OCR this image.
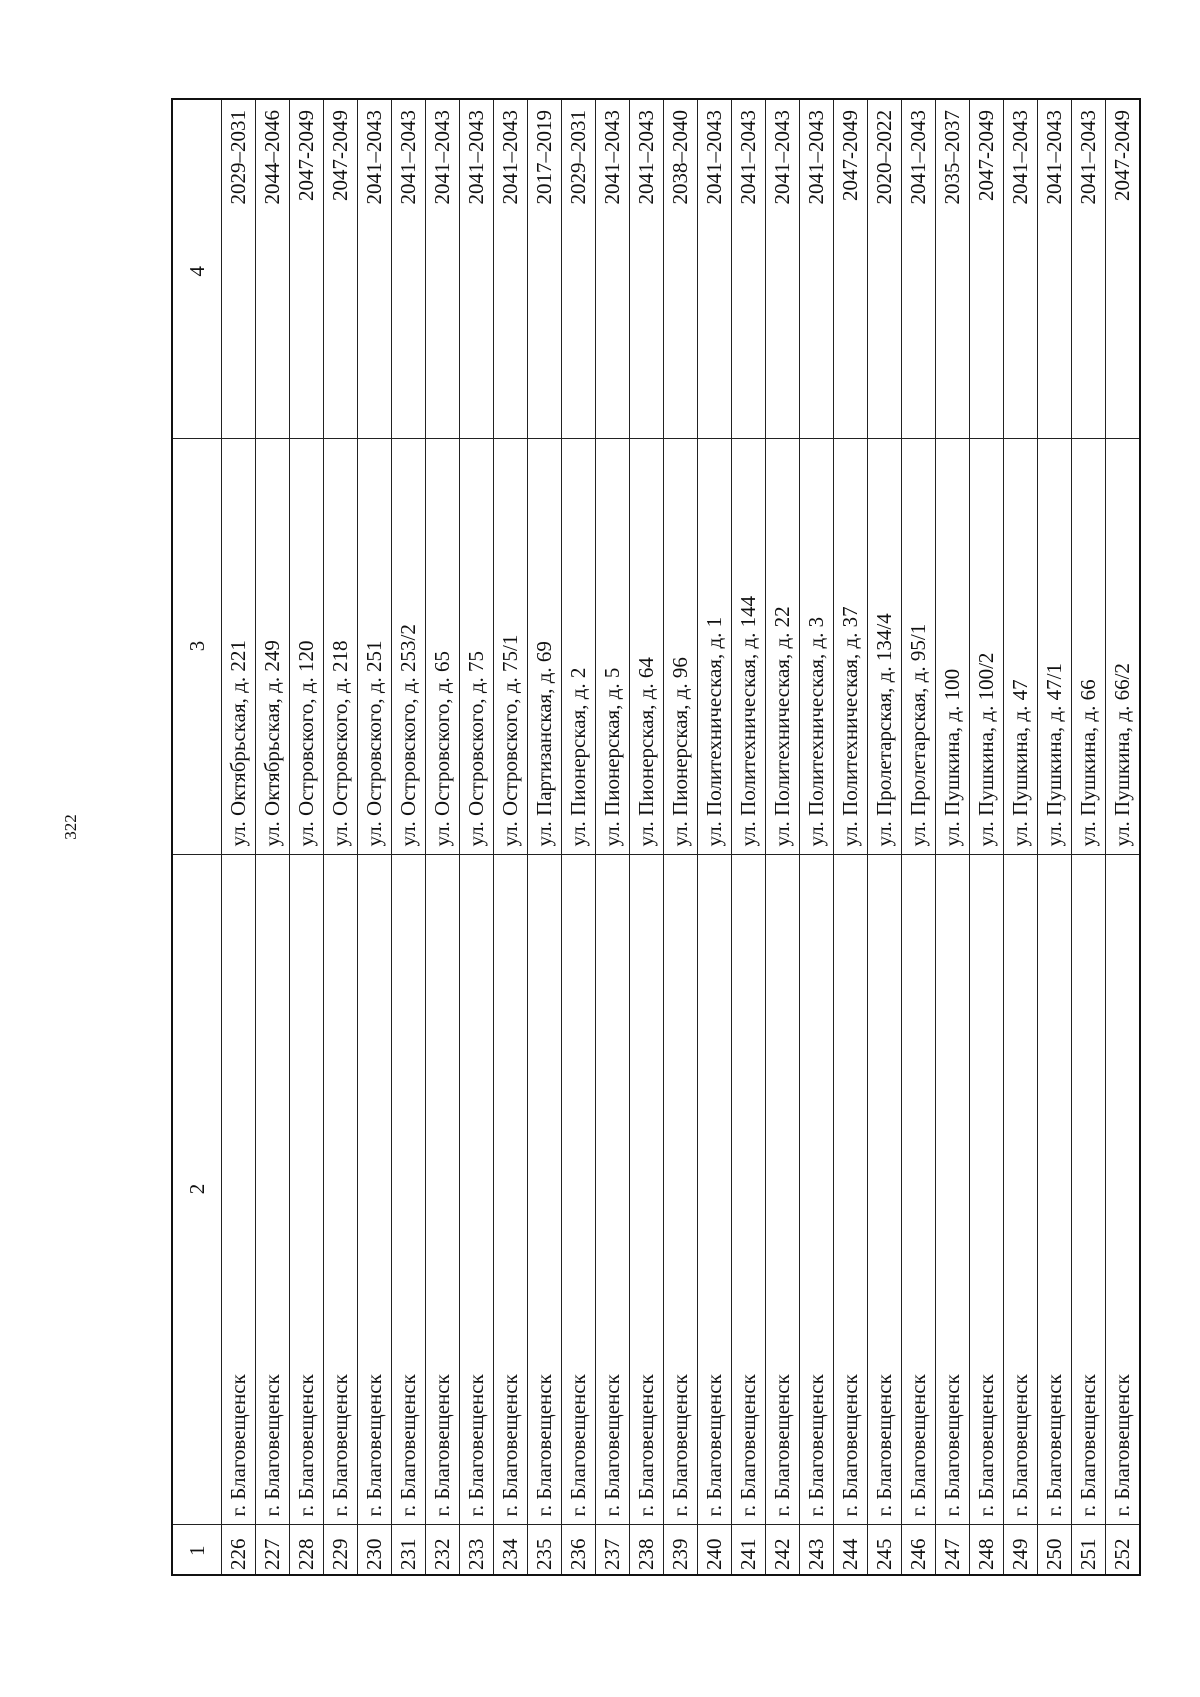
322
1	2	3	4
226	г. Благовещенск	ул. Октябрьская, д. 221	2029–2031
227	г. Благовещенск	ул. Октябрьская, д. 249	2044–2046
228	г. Благовещенск	ул. Островского, д. 120	2047-2049
229	г. Благовещенск	ул. Островского, д. 218	2047-2049
230	г. Благовещенск	ул. Островского, д. 251	2041–2043
231	г. Благовещенск	ул. Островского, д. 253/2	2041–2043
232	г. Благовещенск	ул. Островского, д. 65	2041–2043
233	г. Благовещенск	ул. Островского, д. 75	2041–2043
234	г. Благовещенск	ул. Островского, д. 75/1	2041–2043
235	г. Благовещенск	ул. Партизанская, д. 69	2017–2019
236	г. Благовещенск	ул. Пионерская, д. 2	2029–2031
237	г. Благовещенск	ул. Пионерская, д. 5	2041–2043
238	г. Благовещенск	ул. Пионерская, д. 64	2041–2043
239	г. Благовещенск	ул. Пионерская, д. 96	2038–2040
240	г. Благовещенск	ул. Политехническая, д. 1	2041–2043
241	г. Благовещенск	ул. Политехническая, д. 144	2041–2043
242	г. Благовещенск	ул. Политехническая, д. 22	2041–2043
243	г. Благовещенск	ул. Политехническая, д. 3	2041–2043
244	г. Благовещенск	ул. Политехническая, д. 37	2047-2049
245	г. Благовещенск	ул. Пролетарская, д. 134/4	2020–2022
246	г. Благовещенск	ул. Пролетарская, д. 95/1	2041–2043
247	г. Благовещенск	ул. Пушкина, д. 100	2035–2037
248	г. Благовещенск	ул. Пушкина, д. 100/2	2047-2049
249	г. Благовещенск	ул. Пушкина, д. 47	2041–2043
250	г. Благовещенск	ул. Пушкина, д. 47/1	2041–2043
251	г. Благовещенск	ул. Пушкина, д. 66	2041–2043
252	г. Благовещенск	ул. Пушкина, д. 66/2	2047-2049
